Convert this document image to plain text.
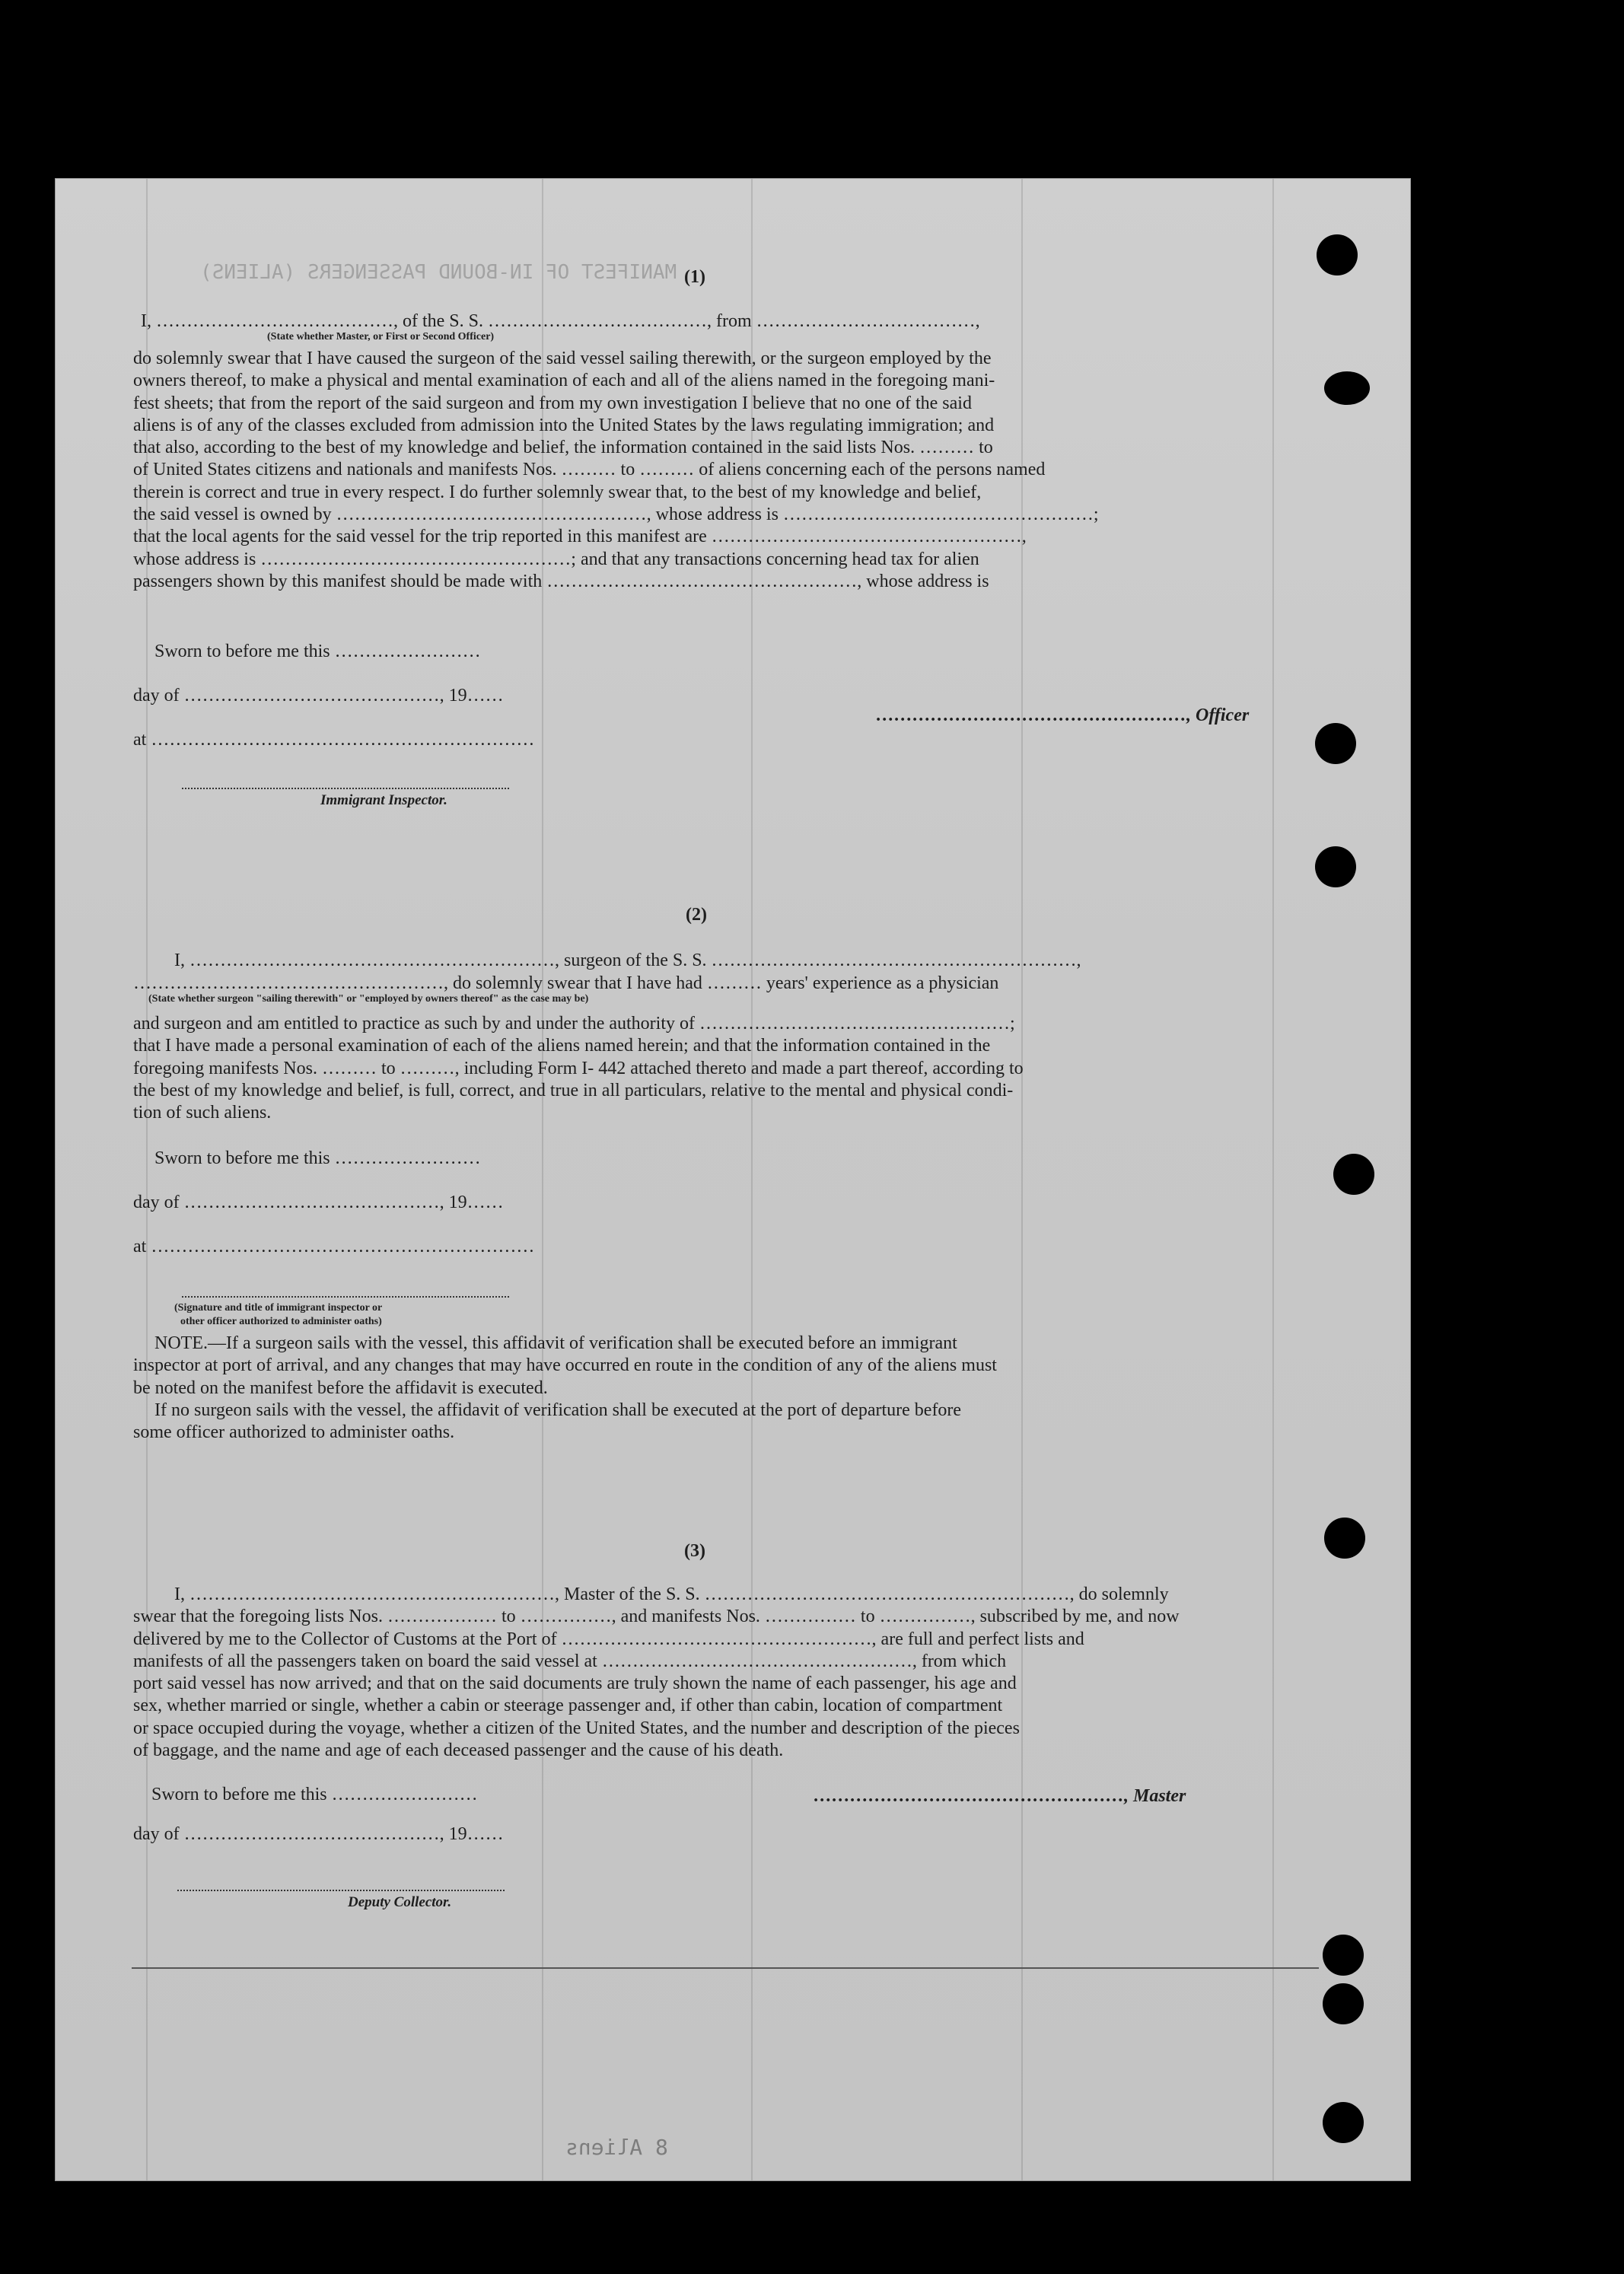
MANIFEST OF IN-BOUND PASSENGERS (ALIENS) (1)
I, …………………………………, of the S. S. ………………………………, from ………………………………,
(State whether Master, or First or Second Officer)
do solemnly swear that I have caused the surgeon of the said vessel sailing therewith, or the surgeon employed by the
owners thereof, to make a physical and mental examination of each and all of the aliens named in the foregoing mani-
fest sheets; that from the report of the said surgeon and from my own investigation I believe that no one of the said
aliens is of any of the classes excluded from admission into the United States by the laws regulating immigration; and
that also, according to the best of my knowledge and belief, the information contained in the said lists Nos. ……… to
of United States citizens and nationals and manifests Nos. ……… to ……… of aliens concerning each of the persons named
therein is correct and true in every respect. I do further solemnly swear that, to the best of my knowledge and belief,
the said vessel is owned by ……………………………………………, whose address is ……………………………………………;
that the local agents for the said vessel for the trip reported in this manifest are ……………………………………………,
whose address is ……………………………………………; and that any transactions concerning head tax for alien
passengers shown by this manifest should be made with ……………………………………………, whose address is
Sworn to before me this ……………………
day of ……………………………………, 19……
at ………………………………………………………
Immigrant Inspector.
……………………………………………, Officer
(2)
I, ……………………………………………………, surgeon of the S. S. ……………………………………………………,
……………………………………………, do solemnly swear that I have had ……… years' experience as a physician
(State whether surgeon "sailing therewith" or "employed by owners thereof" as the case may be)
and surgeon and am entitled to practice as such by and under the authority of ……………………………………………;
that I have made a personal examination of each of the aliens named herein; and that the information contained in the
foregoing manifests Nos. ……… to ………, including Form I- 442 attached thereto and made a part thereof, according to
the best of my knowledge and belief, is full, correct, and true in all particulars, relative to the mental and physical condi-
tion of such aliens.
Sworn to before me this ……………………
day of ……………………………………, 19……
at ………………………………………………………
(Signature and title of immigrant inspector or
other officer authorized to administer oaths)
NOTE.—If a surgeon sails with the vessel, this affidavit of verification shall be executed before an immigrant
inspector at port of arrival, and any changes that may have occurred en route in the condition of any of the aliens must
be noted on the manifest before the affidavit is executed.
If no surgeon sails with the vessel, the affidavit of verification shall be executed at the port of departure before
some officer authorized to administer oaths.
(3)
I, ……………………………………………………, Master of the S. S. ……………………………………………………, do solemnly
swear that the foregoing lists Nos. ……………… to ……………, and manifests Nos. …………… to ……………, subscribed by me, and now
delivered by me to the Collector of Customs at the Port of ……………………………………………, are full and perfect lists and
manifests of all the passengers taken on board the said vessel at ……………………………………………, from which
port said vessel has now arrived; and that on the said documents are truly shown the name of each passenger, his age and
sex, whether married or single, whether a cabin or steerage passenger and, if other than cabin, location of compartment
or space occupied during the voyage, whether a citizen of the United States, and the number and description of the pieces
of baggage, and the name and age of each deceased passenger and the cause of his death.
Sworn to before me this ……………………
day of ……………………………………, 19……
……………………………………………, Master
Deputy Collector.
8 Aliens
